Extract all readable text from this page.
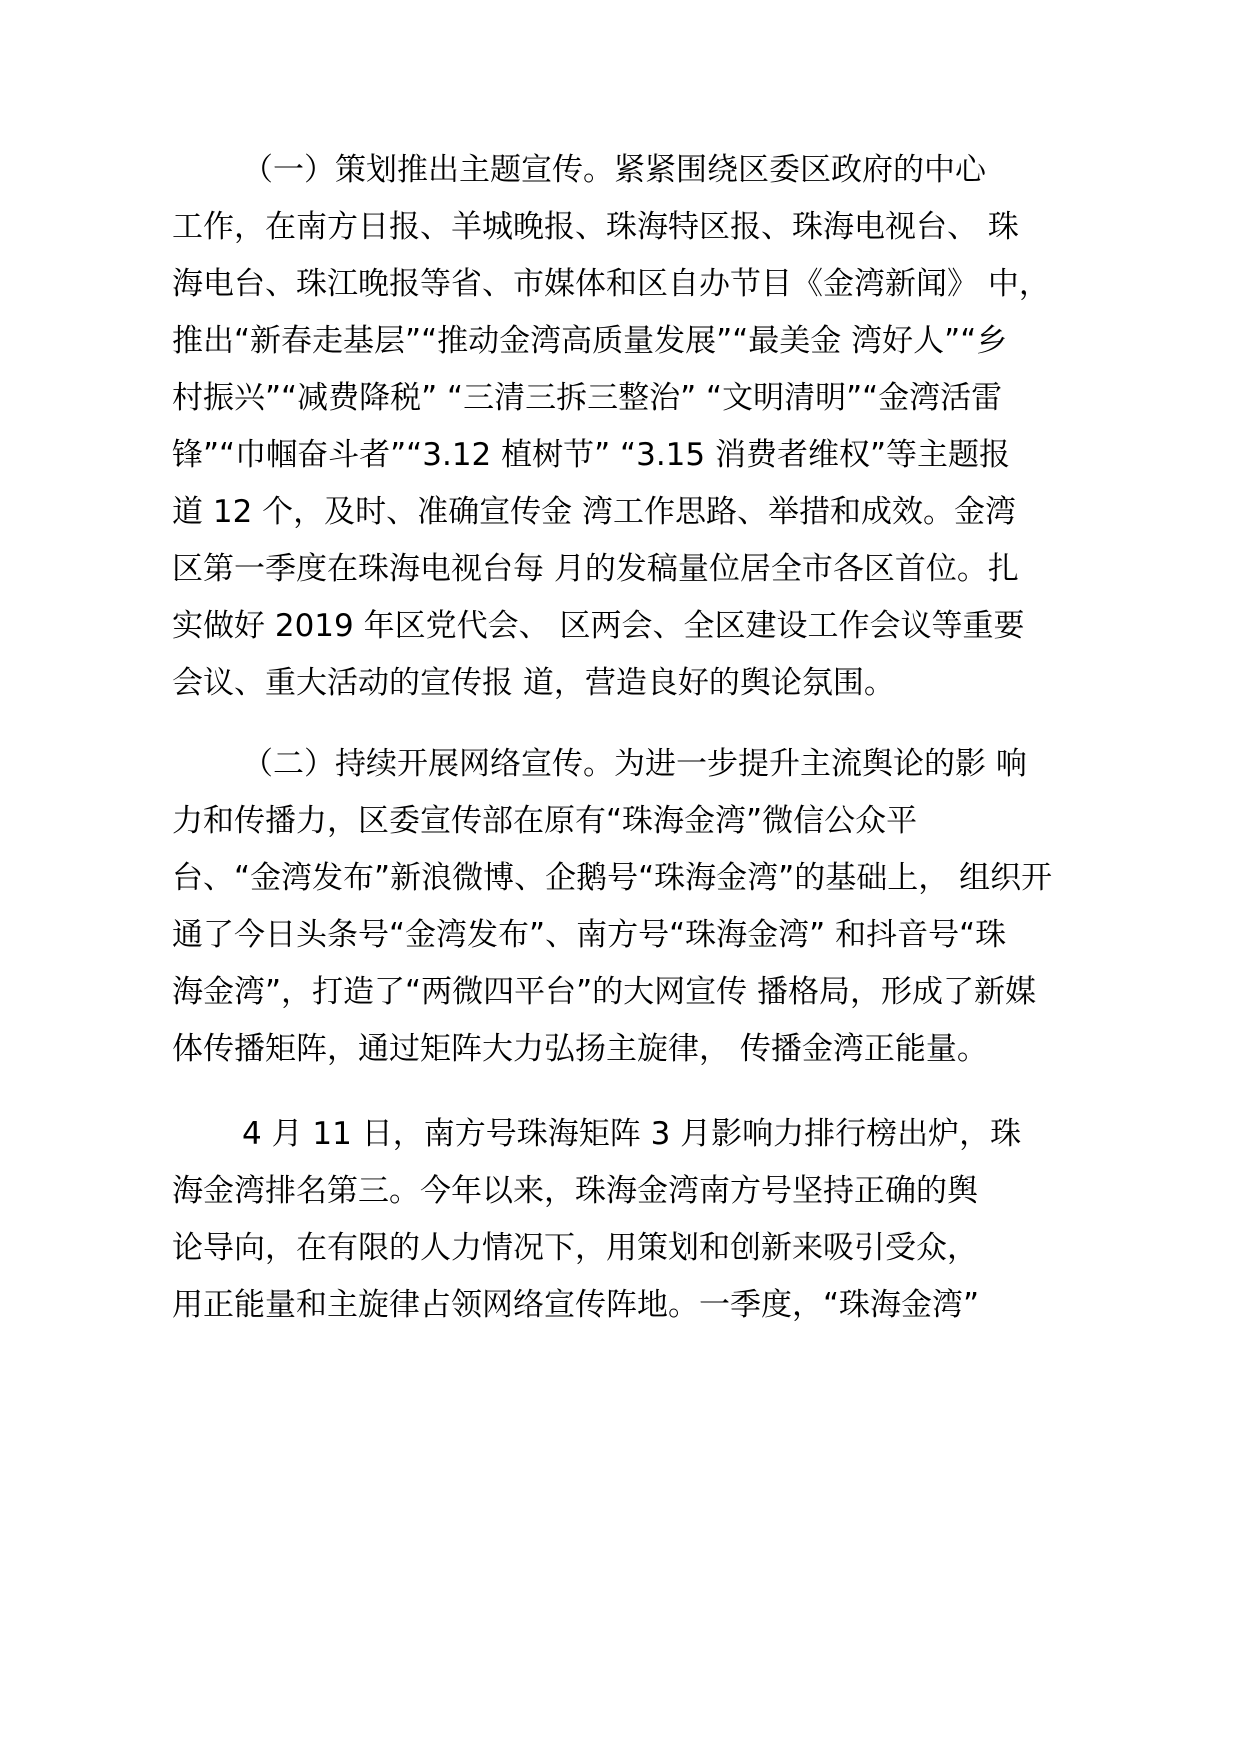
（一）策划推出主题宣传。紧紧围绕区委区政府的中心
工作，在南方日报、羊城晚报、珠海特区报、珠海电视台、 珠
海电台、珠江晚报等省、市媒体和区自办节目《金湾新闻》 中，
推出“新春走基层”“推动金湾高质量发展”“最美金 湾好人”“乡
村振兴”“减费降税” “三清三拆三整治” “文明清明”“金湾活雷
锋”“巾帼奋斗者”“3.12 植树节” “3.15 消费者维权”等主题报
道 12 个，及时、准确宣传金 湾工作思路、举措和成效。金湾
区第一季度在珠海电视台每 月的发稿量位居全市各区首位。扎
实做好 2019 年区党代会、 区两会、全区建设工作会议等重要
会议、重大活动的宣传报 道，营造良好的舆论氛围。
（二）持续开展网络宣传。为进一步提升主流舆论的影 响
力和传播力，区委宣传部在原有“珠海金湾”微信公众平
台、“金湾发布”新浪微博、企鹅号“珠海金湾”的基础上， 组织开
通了今日头条号“金湾发布”、南方号“珠海金湾” 和抖音号“珠
海金湾”，打造了“两微四平台”的大网宣传 播格局，形成了新媒
体传播矩阵，通过矩阵大力弘扬主旋律， 传播金湾正能量。
4 月 11 日，南方号珠海矩阵 3 月影响力排行榜出炉，珠
海金湾排名第三。今年以来，珠海金湾南方号坚持正确的舆
论导向，在有限的人力情况下，用策划和创新来吸引受众，
用正能量和主旋律占领网络宣传阵地。一季度，“珠海金湾”
